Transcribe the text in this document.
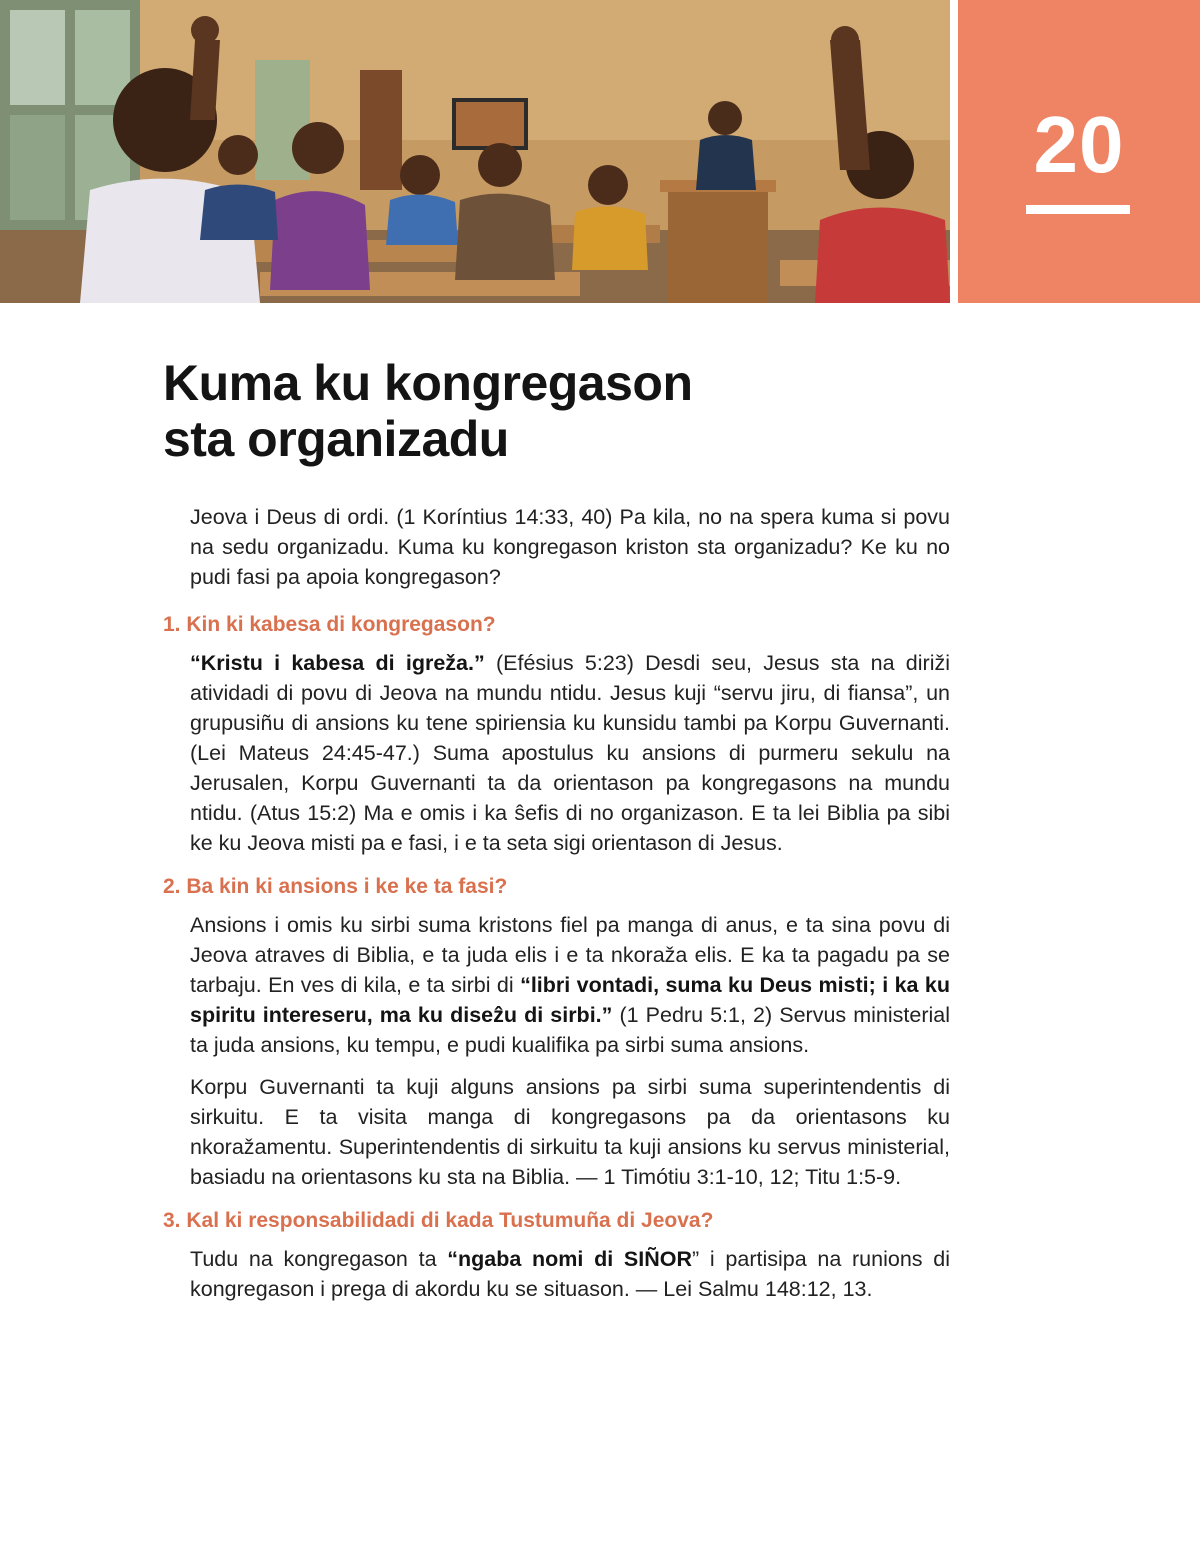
20
Kuma ku kongregason
sta organizadu

Jeova i Deus di ordi. (1 Koríntius 14:33, 40) Pa kila, no na spera kuma si povu na sedu organizadu. Kuma ku kongregason kriston sta organizadu? Ke ku no pudi fasi pa apoia kongregason?

1. Kin ki kabesa di kongregason?

“Kristu i kabesa di igreža.” (Efésius 5:23) Desdi seu, Jesus sta na diriži atividadi di povu di Jeova na mundu ntidu. Jesus kuji “servu jiru, di fiansa”, un grupusiñu di ansions ku tene spiriensia ku kunsidu tambi pa Korpu Guvernanti. (Lei Mateus 24:45-47.) Suma apostulus ku ansions di purmeru sekulu na Jerusalen, Korpu Guvernanti ta da orientason pa kongregasons na mundu ntidu. (Atus 15:2) Ma e omis i ka ŝefis di no organizason. E ta lei Biblia pa sibi ke ku Jeova misti pa e fasi, i e ta seta sigi orientason di Jesus.

2. Ba kin ki ansions i ke ke ta fasi?

Ansions i omis ku sirbi suma kristons fiel pa manga di anus, e ta sina povu di Jeova atraves di Biblia, e ta juda elis i e ta nkoraža elis. E ka ta pagadu pa se tarbaju. En ves di kila, e ta sirbi di “libri vontadi, suma ku Deus misti; i ka ku spiritu intereseru, ma ku diseẑu di sirbi.” (1 Pedru 5:1, 2) Servus ministerial ta juda ansions, ku tempu, e pudi kualifika pa sirbi suma ansions.

Korpu Guvernanti ta kuji alguns ansions pa sirbi suma superintendentis di sirkuitu. E ta visita manga di kongregasons pa da orientasons ku nkoražamentu. Superintendentis di sirkuitu ta kuji ansions ku servus ministerial, basiadu na orientasons ku sta na Biblia. — 1 Timótiu 3:1-10, 12; Titu 1:5-9.

3. Kal ki responsabilidadi di kada Tustumuña di Jeova?

Tudu na kongregason ta “ngaba nomi di SIÑOR” i partisipa na runions di kongregason i prega di akordu ku se situason. — Lei Salmu 148:12, 13.
